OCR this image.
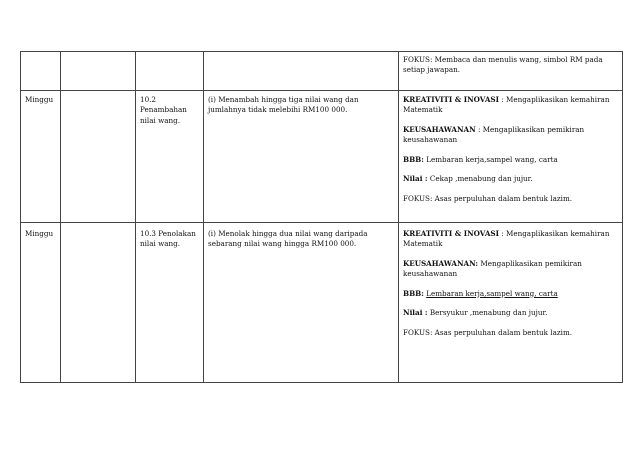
				FOKUS: Membaca dan menulis wang, simbol RM pada setiap jawapan.

Minggu		10.2 Penambahan nilai wang.	(i) Menambah hingga tiga nilai wang dan jumlahnya tidak melebihi RM100 000.	KREATIVITI & INOVASI : Mengaplikasikan kemahiran Matematik
KEUSAHAWANAN : Mengaplikasikan pemikiran keusahawanan
BBB: Lembaran kerja,sampel wang, carta
Nilai : Cekap ,menabung dan jujur.
FOKUS: Asas perpuluhan dalam bentuk lazim.

Minggu		10.3 Penolakan nilai wang.	(i) Menolak hingga dua nilai wang daripada sebarang nilai wang hingga RM100 000.	KREATIVITI & INOVASI : Mengaplikasikan kemahiran Matematik
KEUSAHAWANAN: Mengaplikasikan pemikiran keusahawanan
BBB: Lembaran kerja,sampel wang, carta
Nilai : Bersyukur ,menabung dan jujur.
FOKUS: Asas perpuluhan dalam bentuk lazim.
